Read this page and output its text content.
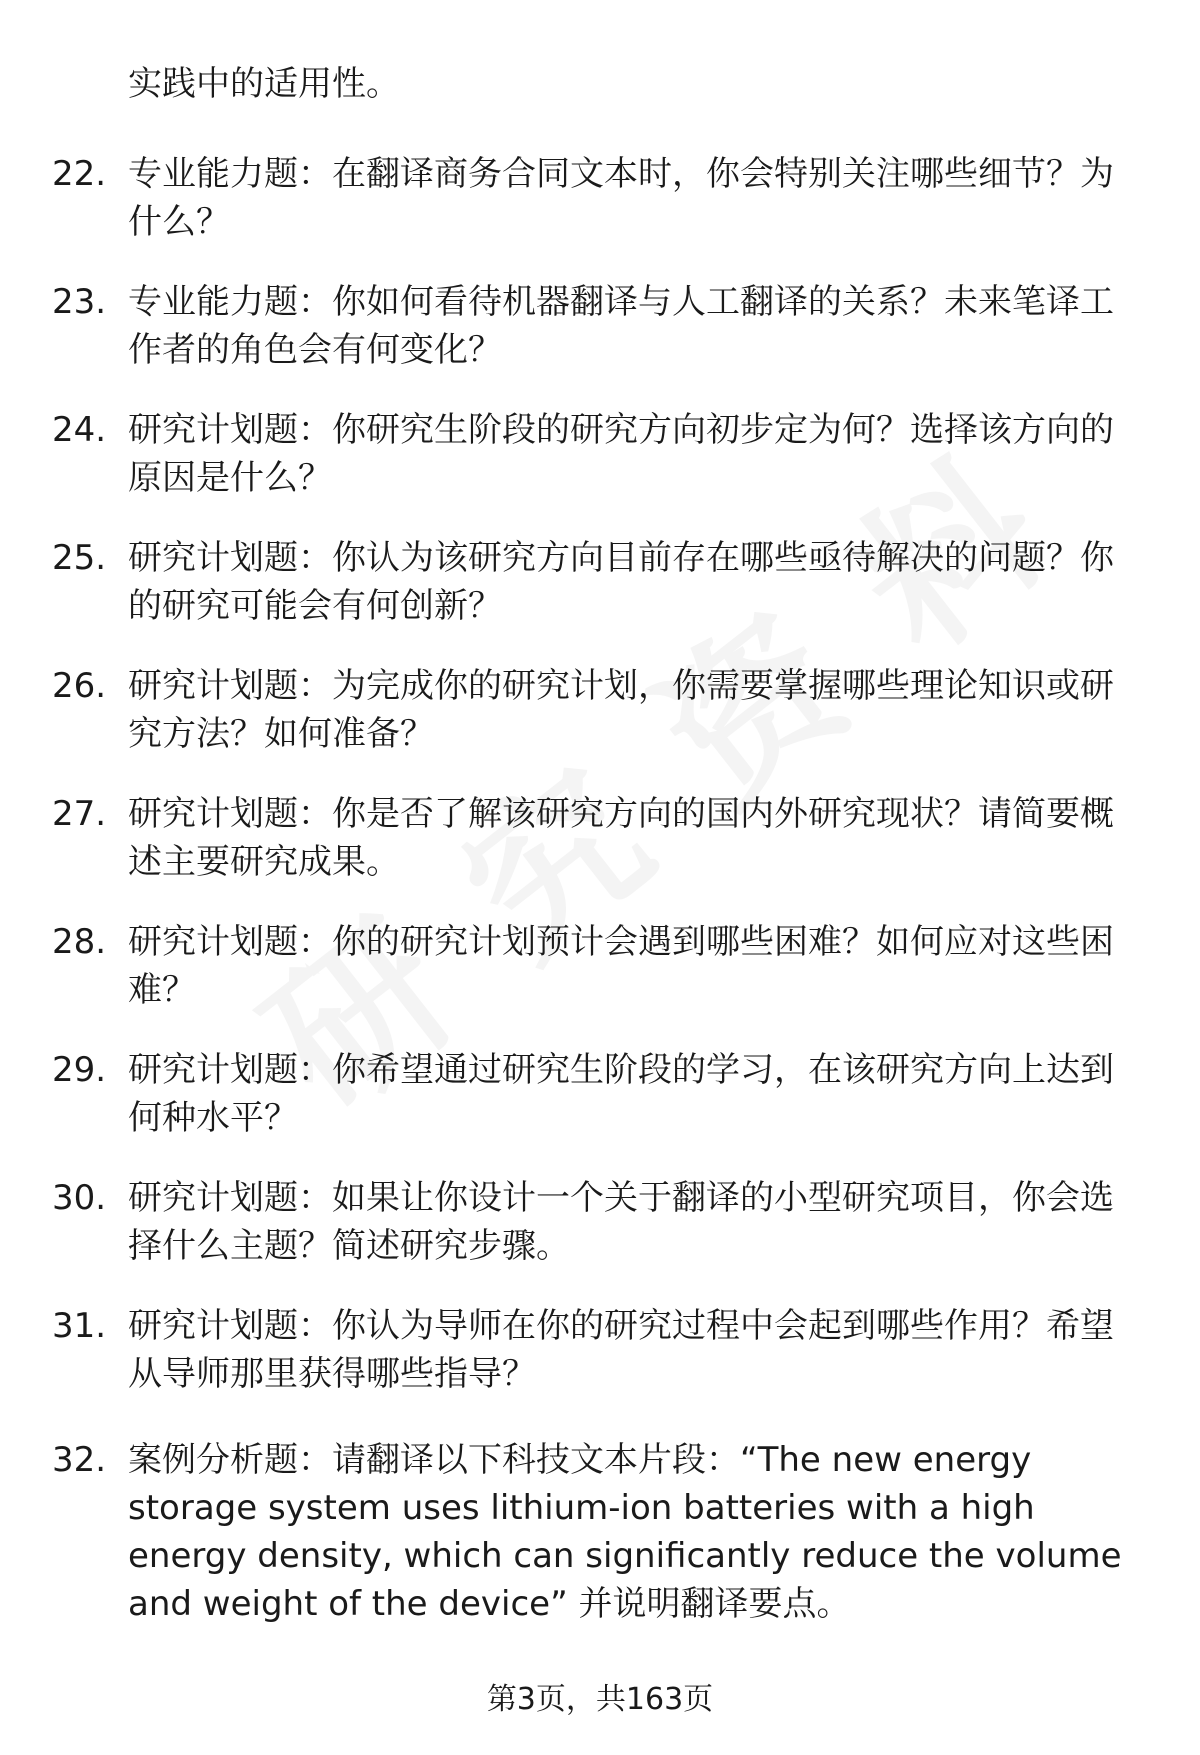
实践中的适用性。
22. 专业能力题：在翻译商务合同文本时，你会特别关注哪些细节？为什么？
23. 专业能力题：你如何看待机器翻译与人工翻译的关系？未来笔译工作者的角色会有何变化？
24. 研究计划题：你研究生阶段的研究方向初步定为何？选择该方向的原因是什么？
25. 研究计划题：你认为该研究方向目前存在哪些亟待解决的问题？你的研究可能会有何创新？
26. 研究计划题：为完成你的研究计划，你需要掌握哪些理论知识或研究方法？如何准备？
27. 研究计划题：你是否了解该研究方向的国内外研究现状？请简要概述主要研究成果。
28. 研究计划题：你的研究计划预计会遇到哪些困难？如何应对这些困难？
29. 研究计划题：你希望通过研究生阶段的学习，在该研究方向上达到何种水平？
30. 研究计划题：如果让你设计一个关于翻译的小型研究项目，你会选择什么主题？简述研究步骤。
31. 研究计划题：你认为导师在你的研究过程中会起到哪些作用？希望从导师那里获得哪些指导？
32. 案例分析题：请翻译以下科技文本片段：“The new energy storage system uses lithium-ion batteries with a high energy density, which can significantly reduce the volume and weight of the device” 并说明翻译要点。
第3页，共163页
